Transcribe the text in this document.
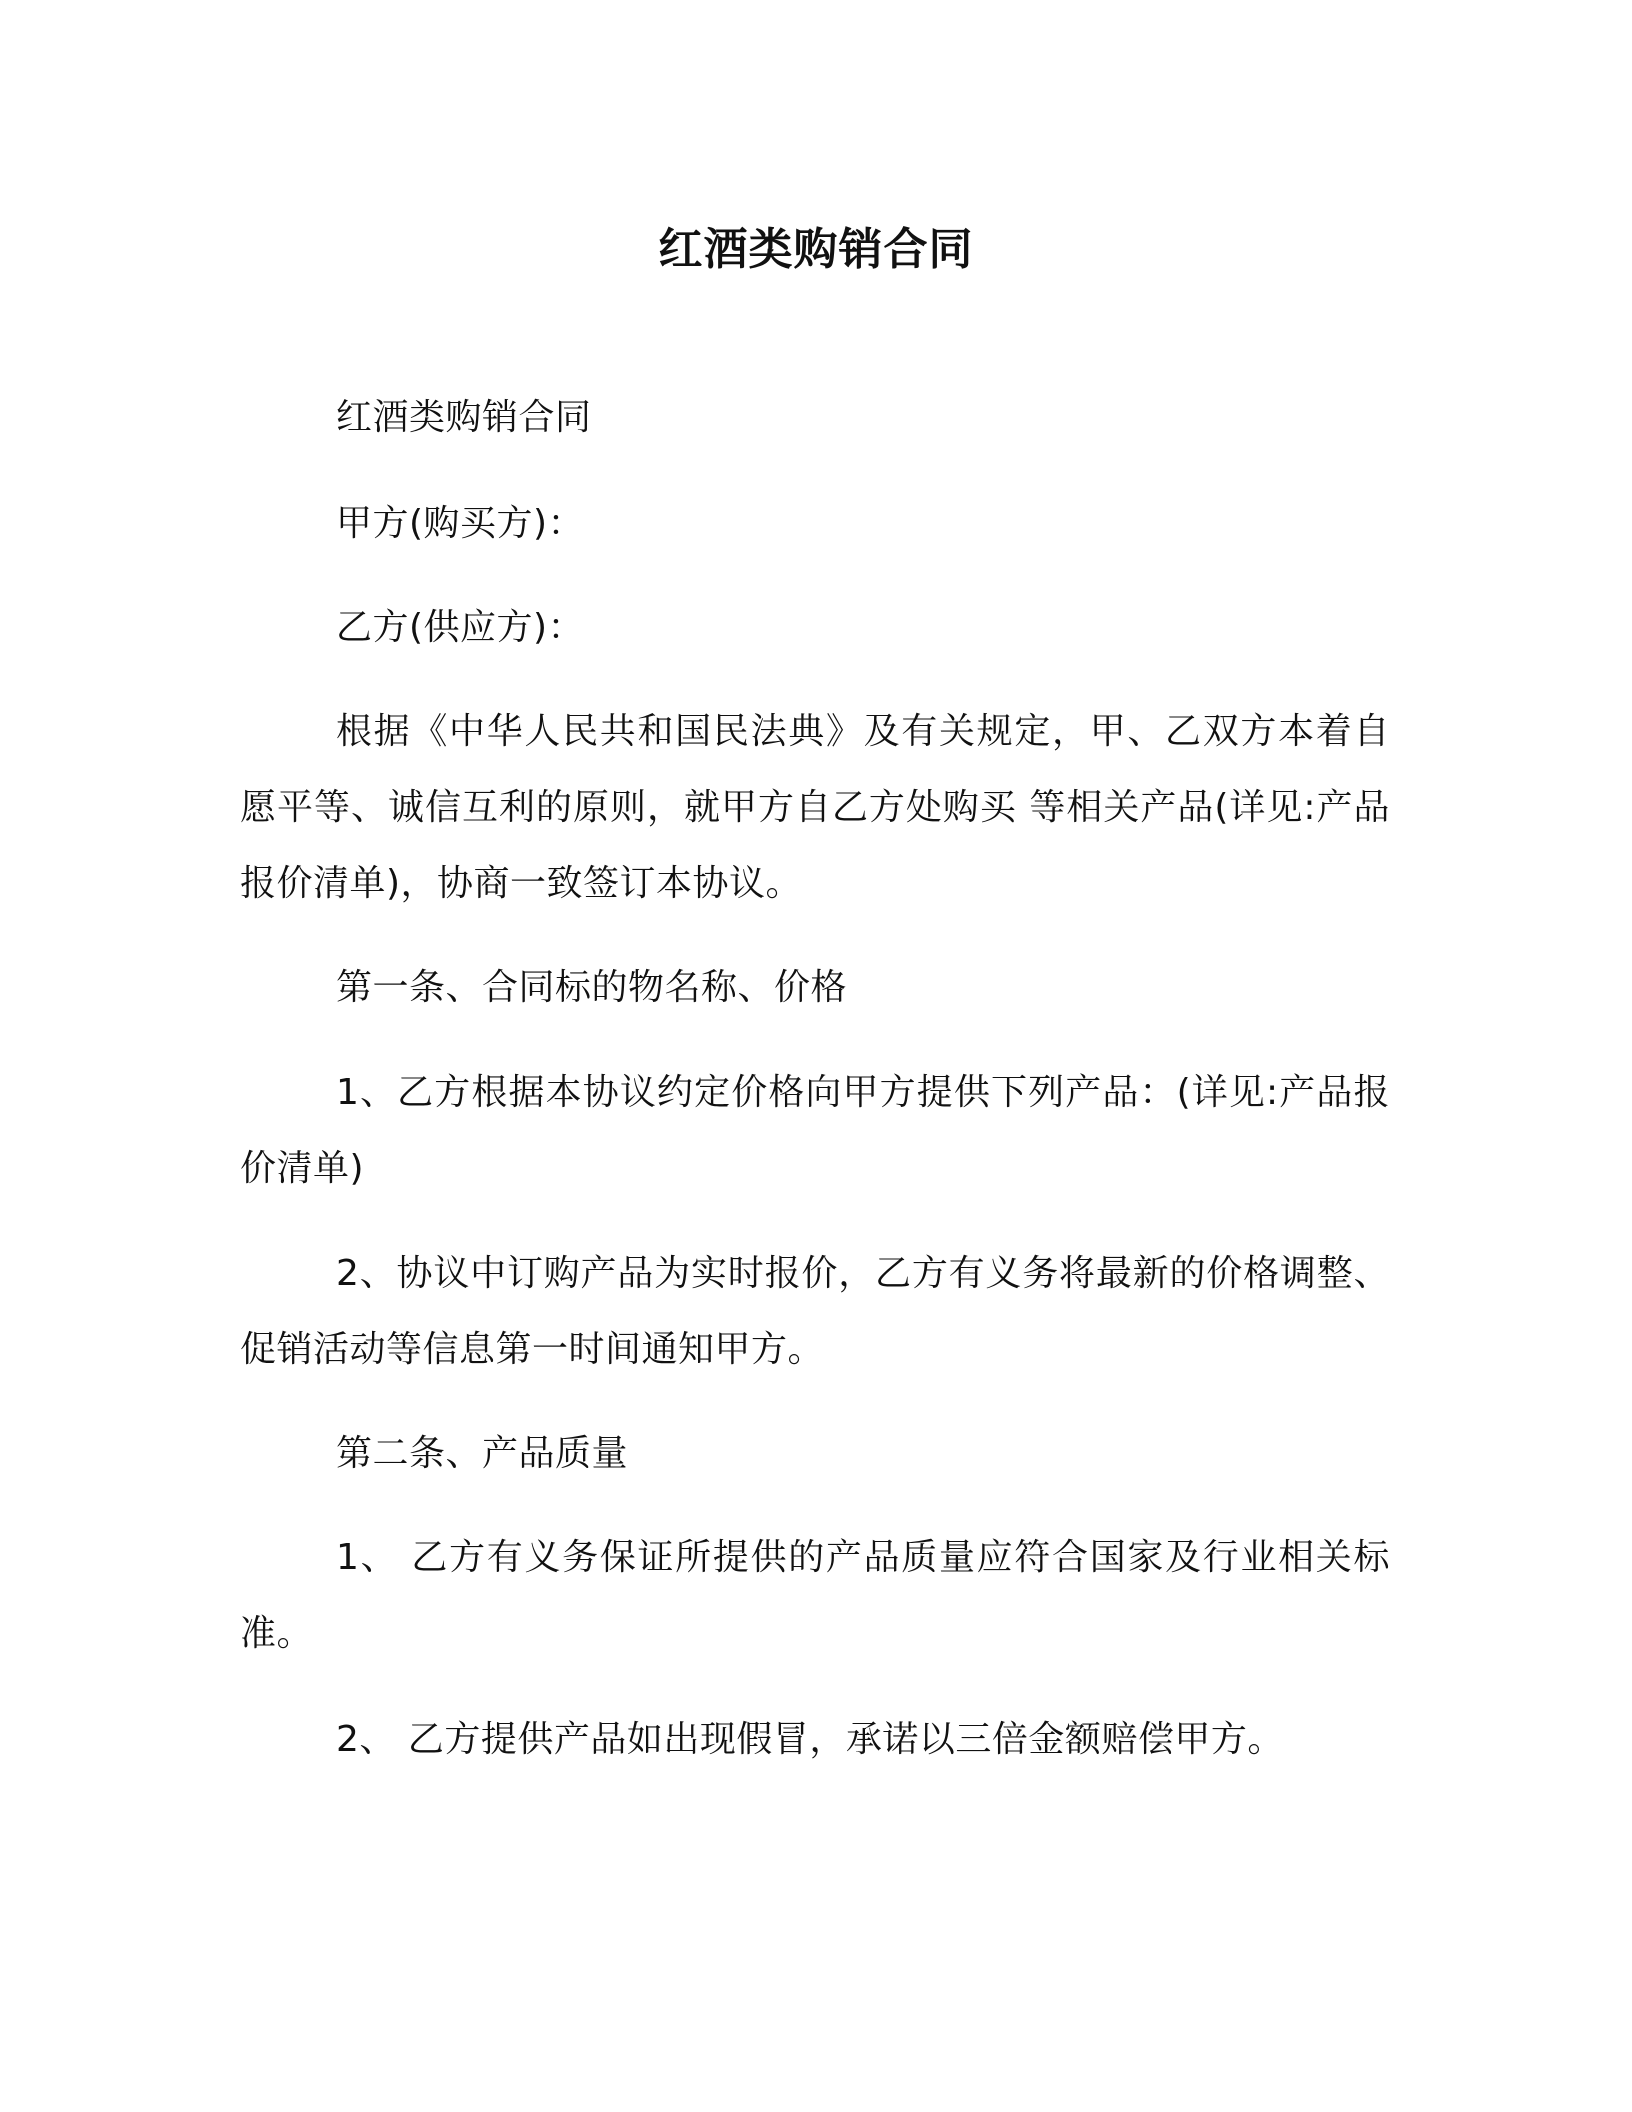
红酒类购销合同

红酒类购销合同

甲方(购买方)：

乙方(供应方)：

根据《中华人民共和国民法典》及有关规定，甲、乙双方本着自愿平等、诚信互利的原则，就甲方自乙方处购买 等相关产品(详见:产品报价清单)，协商一致签订本协议。

第一条、合同标的物名称、价格

1、乙方根据本协议约定价格向甲方提供下列产品：(详见:产品报价清单)

2、协议中订购产品为实时报价，乙方有义务将最新的价格调整、促销活动等信息第一时间通知甲方。

第二条、产品质量

1、 乙方有义务保证所提供的产品质量应符合国家及行业相关标准。

2、 乙方提供产品如出现假冒，承诺以三倍金额赔偿甲方。
